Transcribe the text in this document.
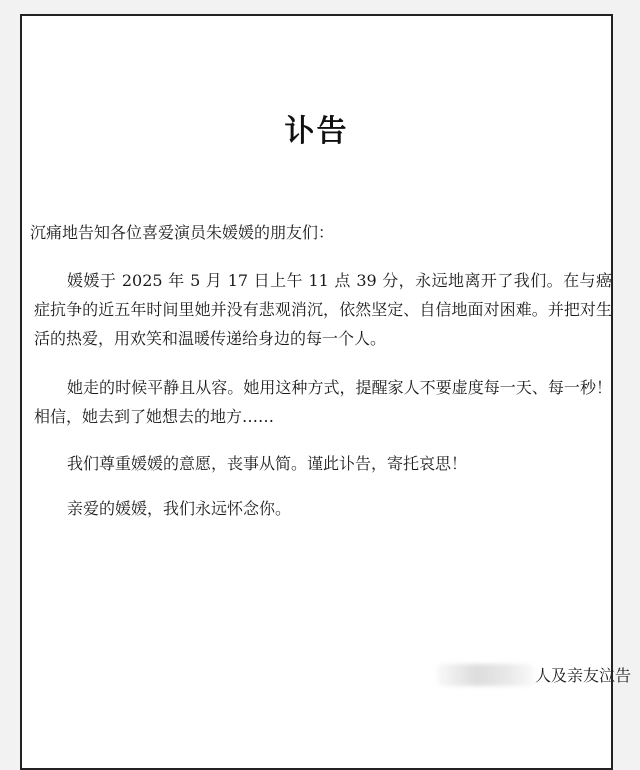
讣告
沉痛地告知各位喜爱演员朱媛媛的朋友们：

媛媛于 2025 年 5 月 17 日上午 11 点 39 分，永远地离开了我们。在与癌症抗争的近五年时间里她并没有悲观消沉，依然坚定、自信地面对困难。并把对生活的热爱，用欢笑和温暖传递给身边的每一个人。

她走的时候平静且从容。她用这种方式，提醒家人不要虚度每一天、每一秒！相信，她去到了她想去的地方……

我们尊重媛媛的意愿，丧事从简。谨此讣告，寄托哀思！

亲爱的媛媛，我们永远怀念你。

人及亲友泣告
